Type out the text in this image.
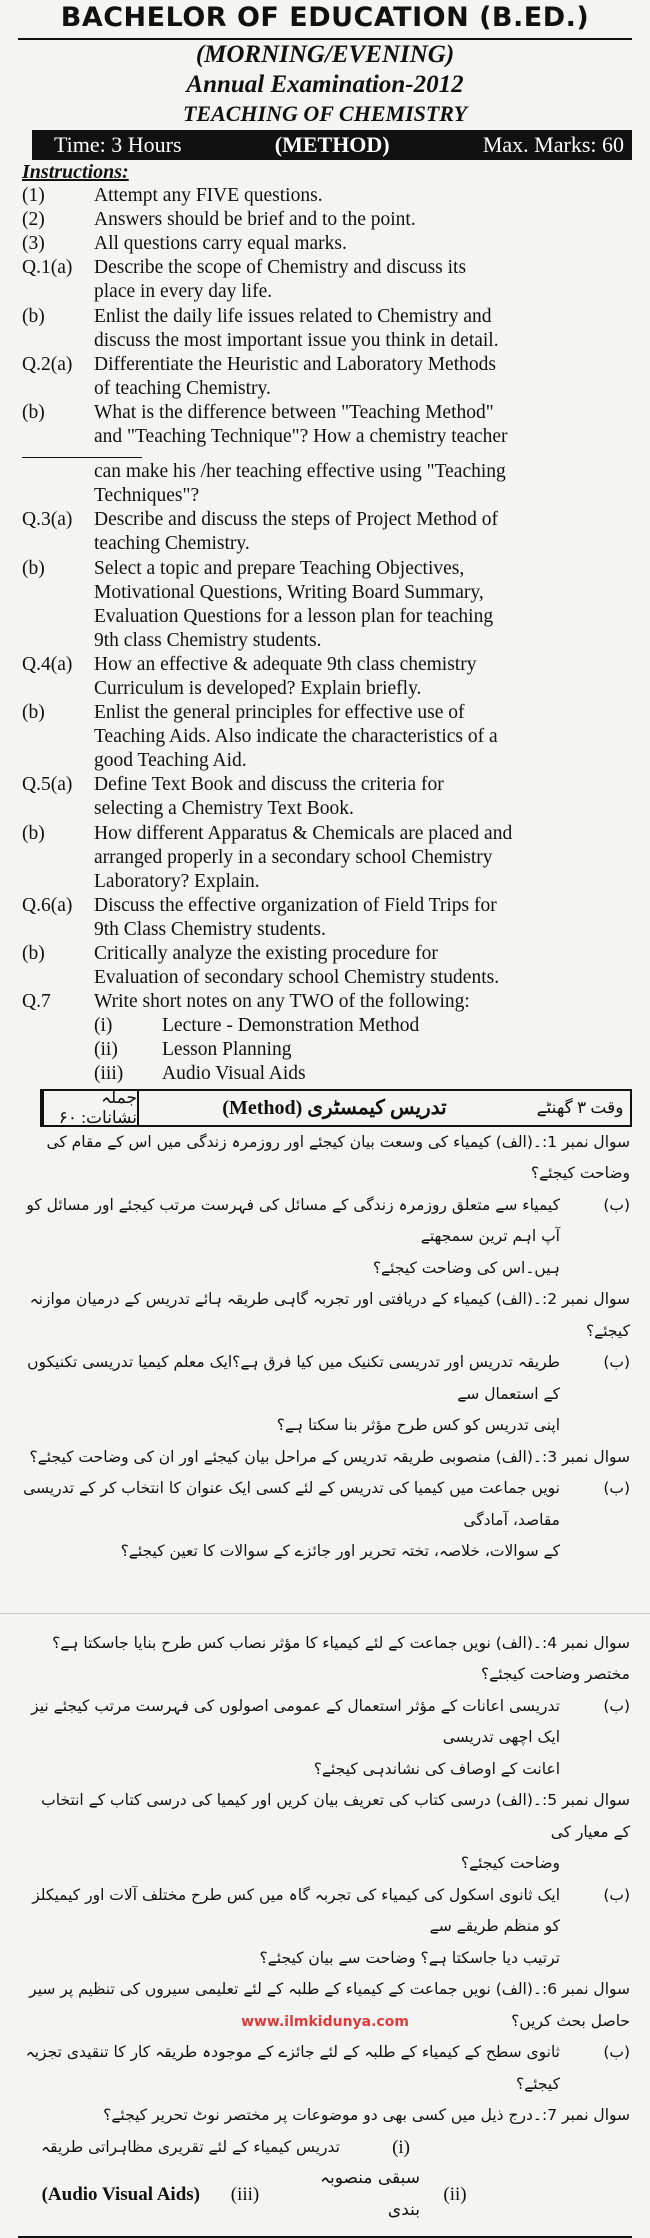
BACHELOR OF EDUCATION (B.ED.)
(MORNING/EVENING)
Annual Examination-2012
TEACHING OF CHEMISTRY
Time: 3 Hours	(METHOD)	Max. Marks: 60
Instructions:
(1)	Attempt any FIVE questions.
(2)	Answers should be brief and to the point.
(3)	All questions carry equal marks.
Q.1(a)	Describe the scope of Chemistry and discuss its
place in every day life.
(b)	Enlist the daily life issues related to Chemistry and
discuss the most important issue you think in detail.
Q.2(a)	Differentiate the Heuristic and Laboratory Methods
of teaching Chemistry.
(b)	What is the difference between "Teaching Method"
and "Teaching Technique"? How a chemistry teacher
can make his /her teaching effective using "Teaching
Techniques"?
Q.3(a)	Describe and discuss the steps of Project Method of
teaching Chemistry.
(b)	Select a topic and prepare Teaching Objectives,
Motivational Questions, Writing Board Summary,
Evaluation Questions for a lesson plan for teaching
9th class Chemistry students.
Q.4(a)	How an effective & adequate 9th class chemistry
Curriculum is developed? Explain briefly.
(b)	Enlist the general principles for effective use of
Teaching Aids. Also indicate the characteristics of a
good Teaching Aid.
Q.5(a)	Define Text Book and discuss the criteria for
selecting a Chemistry Text Book.
(b)	How different Apparatus & Chemicals are placed and
arranged properly in a secondary school Chemistry
Laboratory? Explain.
Q.6(a)	Discuss the effective organization of Field Trips for
9th Class Chemistry students.
(b)	Critically analyze the existing procedure for
Evaluation of secondary school Chemistry students.
Q.7	Write short notes on any TWO of the following:
(i)	Lecture - Demonstration Method
(ii)	Lesson Planning
(iii)	Audio Visual Aids
وقت ۳ گھنٹے
تدریس کیمسٹری (Method)
جملہ نشانات: ۶۰
سوال نمبر 1:۔(الف) کیمیاء کی وسعت بیان کیجئے اور روزمرہ زندگی میں اس کے مقام کی وضاحت کیجئے؟
(ب)
کیمیاء سے متعلق روزمرہ زندگی کے مسائل کی فہرست مرتب کیجئے اور مسائل کو آپ اہم ترین سمجھتے
ہیں۔اس کی وضاحت کیجئے؟
سوال نمبر 2:۔(الف) کیمیاء کے دریافتی اور تجربہ گاہی طریقہ ہائے تدریس کے درمیان موازنہ کیجئے؟
(ب)
طریقہ تدریس اور تدریسی تکنیک میں کیا فرق ہے؟ایک معلم کیمیا تدریسی تکنیکوں کے استعمال سے
اپنی تدریس کو کس طرح مؤثر بنا سکتا ہے؟
سوال نمبر 3:۔(الف) منصوبی طریقہ تدریس کے مراحل بیان کیجئے اور ان کی وضاحت کیجئے؟
(ب)
نویں جماعت میں کیمیا کی تدریس کے لئے کسی ایک عنوان کا انتخاب کر کے تدریسی مقاصد، آمادگی
کے سوالات، خلاصہ، تختہ تحریر اور جائزے کے سوالات کا تعین کیجئے؟
سوال نمبر 4:۔(الف) نویں جماعت کے لئے کیمیاء کا مؤثر نصاب کس طرح بنایا جاسکتا ہے؟ مختصر وضاحت کیجئے؟
(ب)
تدریسی اعانات کے مؤثر استعمال کے عمومی اصولوں کی فہرست مرتب کیجئے نیز ایک اچھی تدریسی
اعانت کے اوصاف کی نشاندہی کیجئے؟
سوال نمبر 5:۔(الف) درسی کتاب کی تعریف بیان کریں اور کیمیا کی درسی کتاب کے انتخاب کے معیار کی
وضاحت کیجئے؟
(ب)
ایک ثانوی اسکول کی کیمیاء کی تجربہ گاہ میں کس طرح مختلف آلات اور کیمیکلز کو منظم طریقے سے
ترتیب دیا جاسکتا ہے؟ وضاحت سے بیان کیجئے؟
سوال نمبر 6:۔(الف) نویں جماعت کے کیمیاء کے طلبہ کے لئے تعلیمی سیروں کی تنظیم پر سیر حاصل بحث کریں؟
(ب)
ثانوی سطح کے کیمیاء کے طلبہ کے لئے جائزے کے موجودہ طریقہ کار کا تنقیدی تجزیہ کیجئے؟
سوال نمبر 7:۔درج ذیل میں کسی بھی دو موضوعات پر مختصر نوٹ تحریر کیجئے؟
(i)
تدریس کیمیاء کے لئے تقریری مظاہراتی طریقہ
(ii)
سبقی منصوبہ بندی
(iii)
(Audio Visual Aids)
www.ilmkidunya.com
